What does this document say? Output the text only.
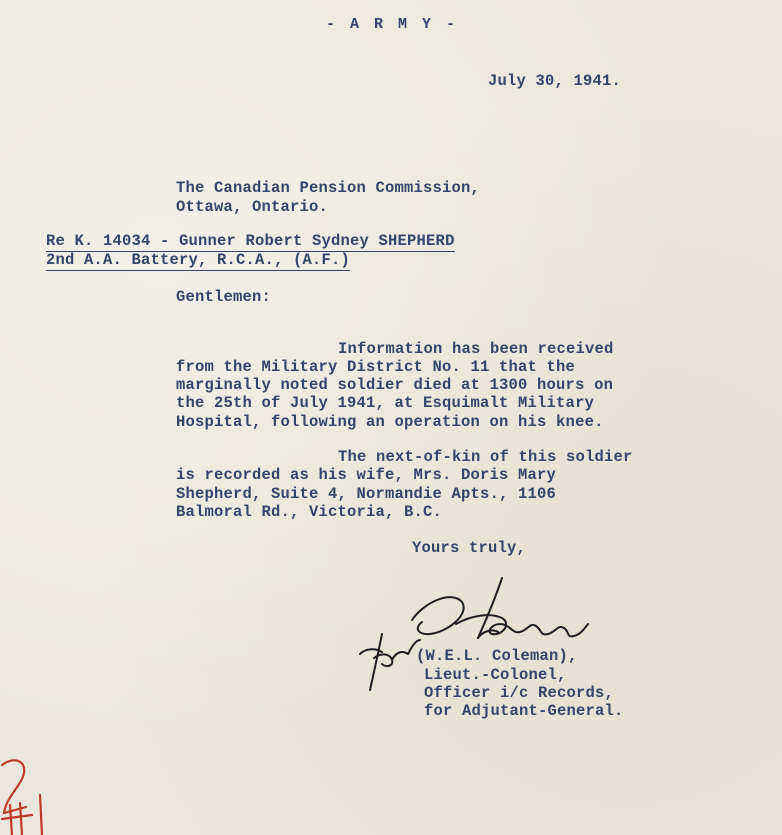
- A R M Y -
July 30, 1941.
The Canadian Pension Commission,
Ottawa, Ontario.
Re K. 14034 - Gunner Robert Sydney SHEPHERD
2nd A.A. Battery, R.C.A., (A.F.)
Gentlemen:
Information has been received
from the Military District No. 11 that the
marginally noted soldier died at 1300 hours on
the 25th of July 1941, at Esquimalt Military
Hospital, following an operation on his knee.
The next-of-kin of this soldier
is recorded as his wife, Mrs. Doris Mary
Shepherd, Suite 4, Normandie Apts., 1106
Balmoral Rd., Victoria, B.C.
Yours truly,
(W.E.L. Coleman),
Lieut.-Colonel,
Officer i/c Records,
for Adjutant-General.
